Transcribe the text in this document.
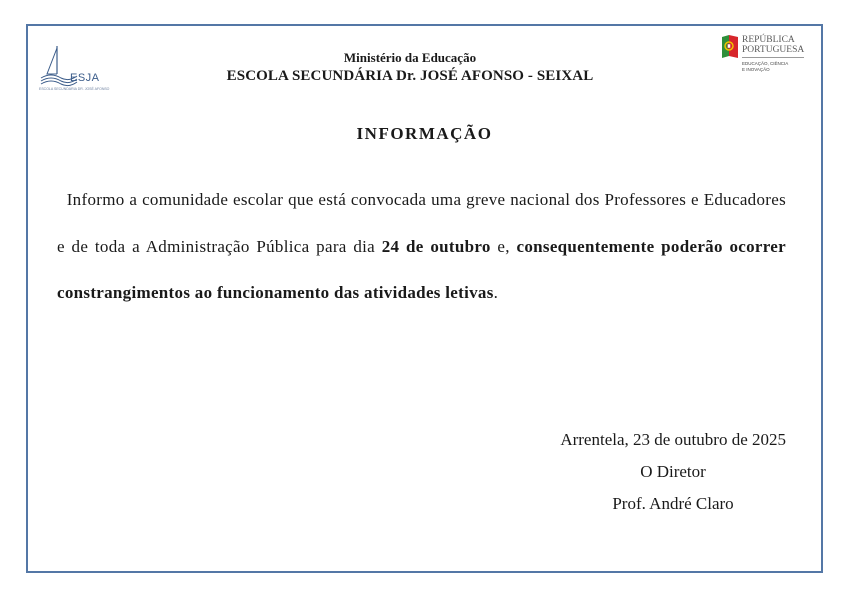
ESJA
ESCOLA SECUNDÁRIA DR. JOSÉ AFONSO
Ministério da Educação
ESCOLA SECUNDÁRIA Dr. JOSÉ AFONSO - SEIXAL
REPÚBLICA
PORTUGUESA
EDUCAÇÃO, CIÊNCIA
E INOVAÇÃO
INFORMAÇÃO
Informo a comunidade escolar que está convocada uma greve nacional dos Professores e Educadores e de toda a Administração Pública para dia 24 de outubro e, consequentemente poderão ocorrer constrangimentos ao funcionamento das atividades letivas.
Arrentela, 23 de outubro de 2025
O Diretor
Prof. André Claro
